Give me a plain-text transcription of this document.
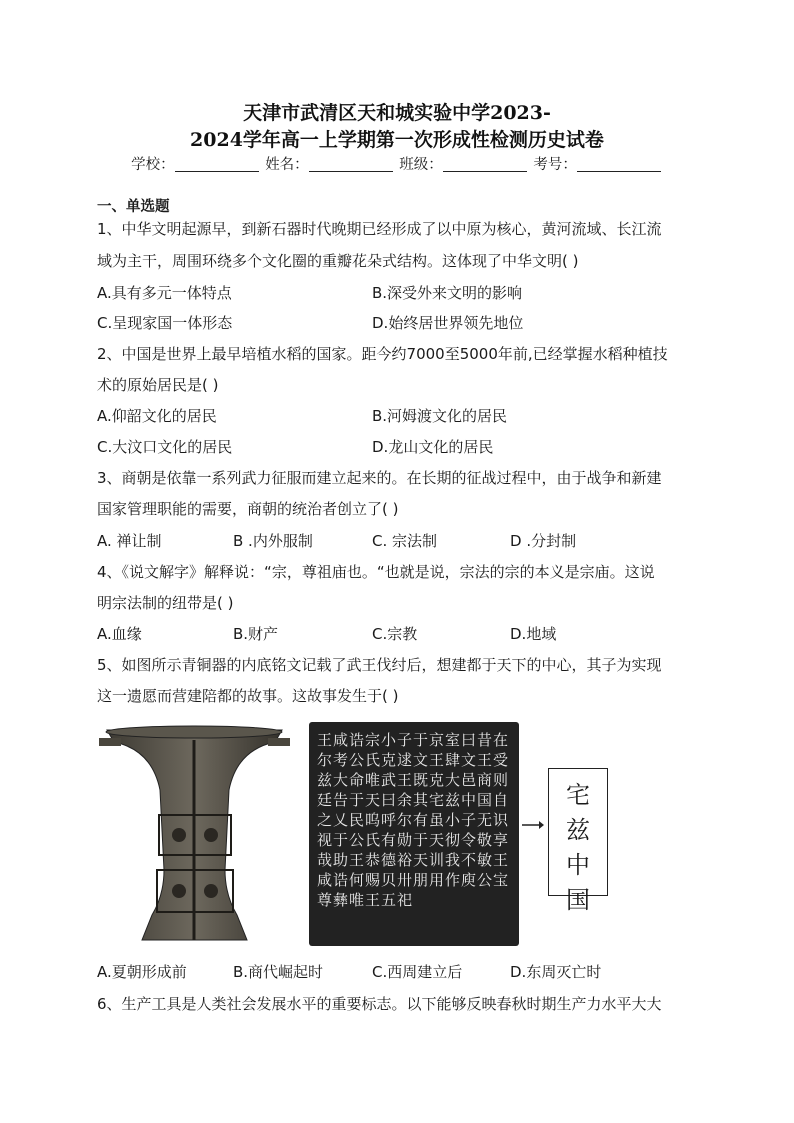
天津市武清区天和城实验中学2023-
2024学年高一上学期第一次形成性检测历史试卷
学校：	姓名：	班级：	考号：
一、单选题
1、中华文明起源早，到新石器时代晚期已经形成了以中原为核心，黄河流域、长江流
域为主干，周围环绕多个文化圈的重瓣花朵式结构。这体现了中华文明( )
A.具有多元一体特点	B.深受外来文明的影响
C.呈现家国一体形态	D.始终居世界领先地位
2、中国是世界上最早培植水稻的国家。距今约7000至5000年前,已经掌握水稻种植技
术的原始居民是( )
A.仰韶文化的居民	B.河姆渡文化的居民
C.大汶口文化的居民	D.龙山文化的居民
3、商朝是依靠一系列武力征服而建立起来的。在长期的征战过程中，由于战争和新建
国家管理职能的需要，商朝的统治者创立了( )
A. 禅让制	B .内外服制	C. 宗法制	D .分封制
4、《说文解字》解释说：“宗，尊祖庙也。“也就是说，宗法的宗的本义是宗庙。这说
明宗法制的纽带是( )
A.血缘	B.财产	C.宗教	D.地域
5、如图所示青铜器的内底铭文记载了武王伐纣后，想建都于天下的中心，其子为实现
这一遗愿而营建陪都的故事。这故事发生于( )
王咸诰宗小子于京室曰昔在尔考公氏克逑文王肆文王受兹大命唯武王既克大邑商则廷告于天曰余其宅兹中国自之乂民呜呼尔有虽小子无识视于公氏有勋于天彻令敬享哉助王恭德裕天训我不敏王咸诰何赐贝卅朋用作庾公宝尊彝唯王五祀
宅
兹
中
国
A.夏朝形成前	B.商代崛起时	C.西周建立后	D.东周灭亡时
6、生产工具是人类社会发展水平的重要标志。以下能够反映春秋时期生产力水平大大
